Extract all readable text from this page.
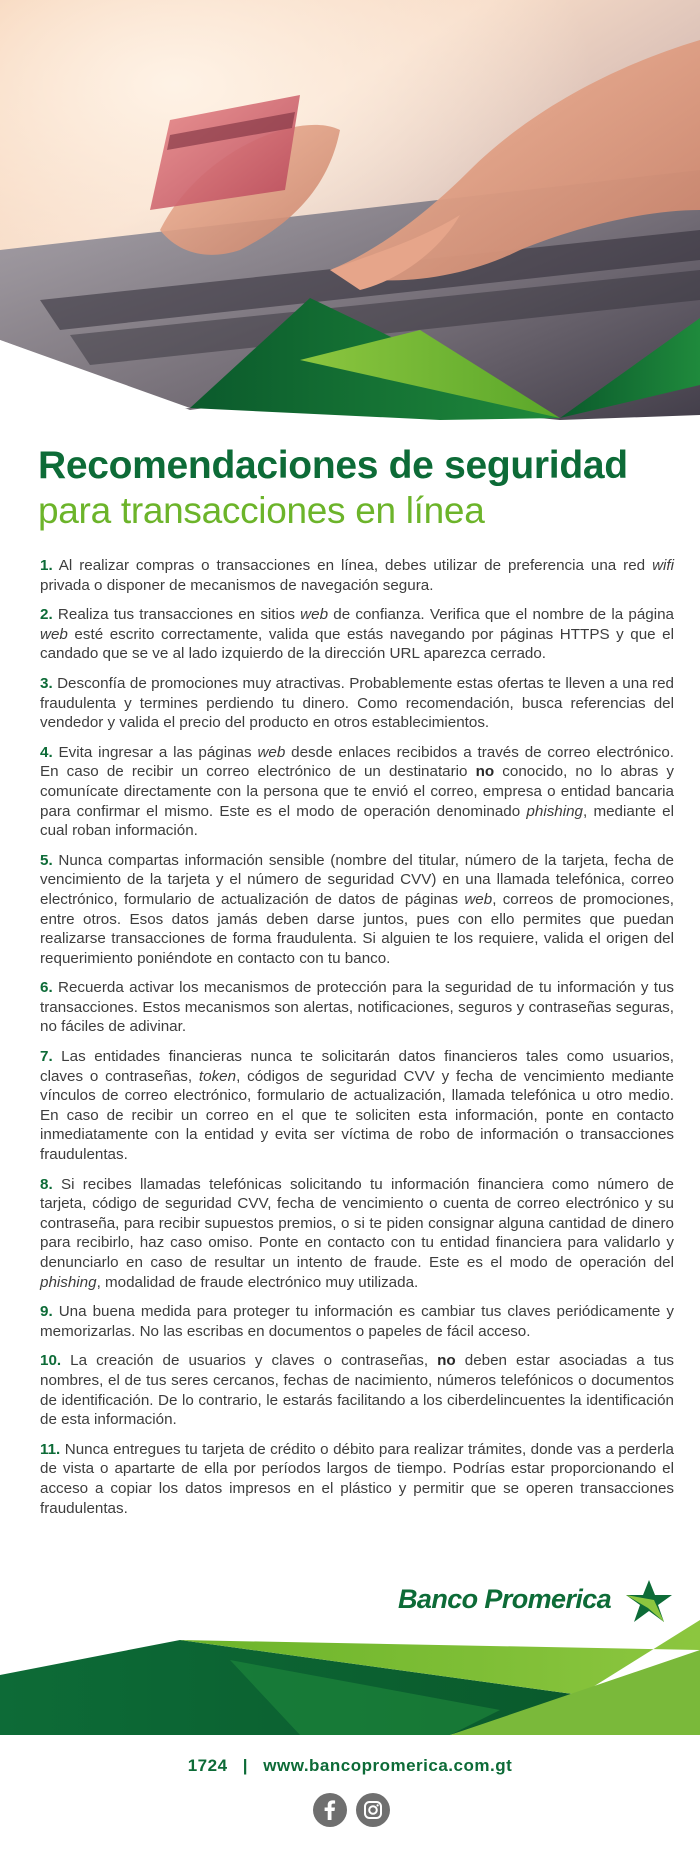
Recomendaciones de seguridad
para transacciones en línea

1. Al realizar compras o transacciones en línea, debes utilizar de preferencia una red wifi privada o disponer de mecanismos de navegación segura.

2. Realiza tus transacciones en sitios web de confianza. Verifica que el nombre de la página web esté escrito correctamente, valida que estás navegando por páginas HTTPS y que el candado que se ve al lado izquierdo de la dirección URL aparezca cerrado.

3. Desconfía de promociones muy atractivas. Probablemente estas ofertas te lleven a una red fraudulenta y termines perdiendo tu dinero. Como recomendación, busca referencias del vendedor y valida el precio del producto en otros establecimientos.

4. Evita ingresar a las páginas web desde enlaces recibidos a través de correo electrónico. En caso de recibir un correo electrónico de un destinatario no conocido, no lo abras y comunícate directamente con la persona que te envió el correo, empresa o entidad bancaria para confirmar el mismo. Este es el modo de operación denominado phishing, mediante el cual roban información.

5. Nunca compartas información sensible (nombre del titular, número de la tarjeta, fecha de vencimiento de la tarjeta y el número de seguridad CVV) en una llamada telefónica, correo electrónico, formulario de actualización de datos de páginas web, correos de promociones, entre otros. Esos datos jamás deben darse juntos, pues con ello permites que puedan realizarse transacciones de forma fraudulenta. Si alguien te los requiere, valida el origen del requerimiento poniéndote en contacto con tu banco.

6. Recuerda activar los mecanismos de protección para la seguridad de tu información y tus transacciones. Estos mecanismos son alertas, notificaciones, seguros y contraseñas seguras, no fáciles de adivinar.

7. Las entidades financieras nunca te solicitarán datos financieros tales como usuarios, claves o contraseñas, token, códigos de seguridad CVV y fecha de vencimiento mediante vínculos de correo electrónico, formulario de actualización, llamada telefónica u otro medio. En caso de recibir un correo en el que te soliciten esta información, ponte en contacto inmediatamente con la entidad y evita ser víctima de robo de información o transacciones fraudulentas.

8. Si recibes llamadas telefónicas solicitando tu información financiera como número de tarjeta, código de seguridad CVV, fecha de vencimiento o cuenta de correo electrónico y su contraseña, para recibir supuestos premios, o si te piden consignar alguna cantidad de dinero para recibirlo, haz caso omiso. Ponte en contacto con tu entidad financiera para validarlo y denunciarlo en caso de resultar un intento de fraude. Este es el modo de operación del phishing, modalidad de fraude electrónico muy utilizada.

9. Una buena medida para proteger tu información es cambiar tus claves periódicamente y memorizarlas. No las escribas en documentos o papeles de fácil acceso.

10. La creación de usuarios y claves o contraseñas, no deben estar asociadas a tus nombres, el de tus seres cercanos, fechas de nacimiento, números telefónicos o documentos de identificación. De lo contrario, le estarás facilitando a los ciberdelincuentes la identificación de esta información.

11. Nunca entregues tu tarjeta de crédito o débito para realizar trámites, donde vas a perderla de vista o apartarte de ella por períodos largos de tiempo. Podrías estar proporcionando el acceso a copiar los datos impresos en el plástico y permitir que se operen transacciones fraudulentas.

Banco Promerica
1724 | www.bancopromerica.com.gt
